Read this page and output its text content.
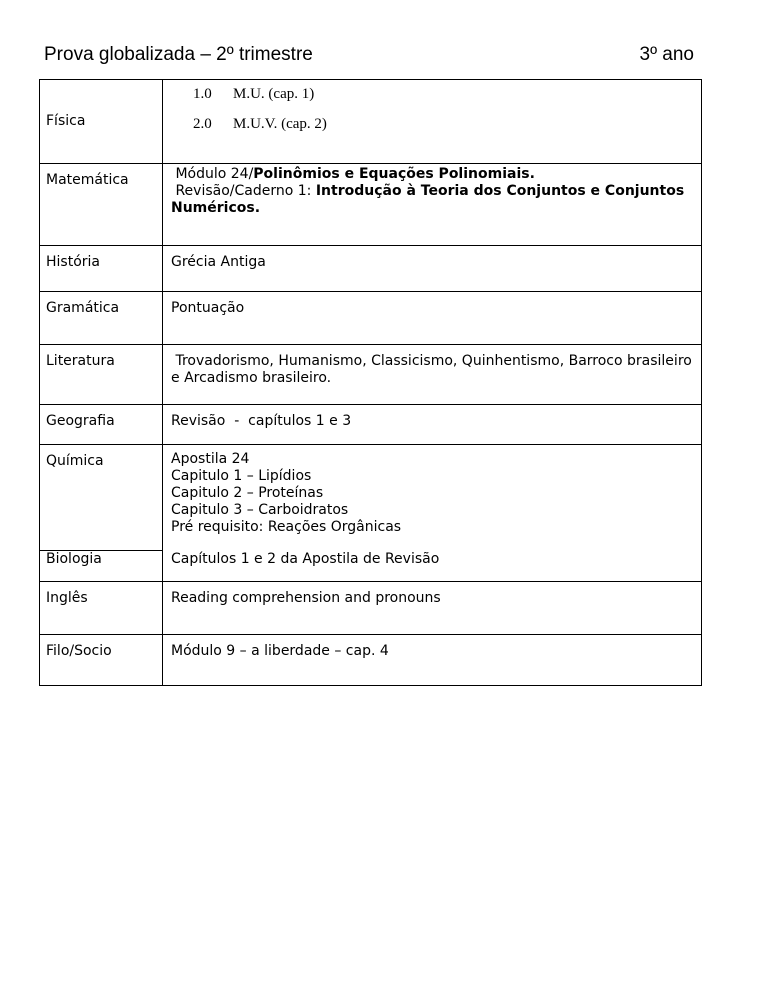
Prova globalizada – 2º trimestre	3º ano
Física	1.0 M.U. (cap. 1)
2.0 M.U.V. (cap. 2)

Matemática	Módulo 24/Polinômios e Equações Polinomiais.
Revisão/Caderno 1: Introdução à Teoria dos Conjuntos e Conjuntos Numéricos.

História	Grécia Antiga
Gramática	Pontuação
Literatura	Trovadorismo, Humanismo, Classicismo, Quinhentismo, Barroco brasileiro e Arcadismo brasileiro.
Geografia	Revisão  -  capítulos 1 e 3
Química	Apostila 24
Capitulo 1 – Lipídios
Capitulo 2 – Proteínas
Capitulo 3 – Carboidratos
Pré requisito: Reações Orgânicas

Biologia	Capítulos 1 e 2 da Apostila de Revisão
Inglês	Reading comprehension and pronouns
Filo/Socio	Módulo 9 – a liberdade – cap. 4
